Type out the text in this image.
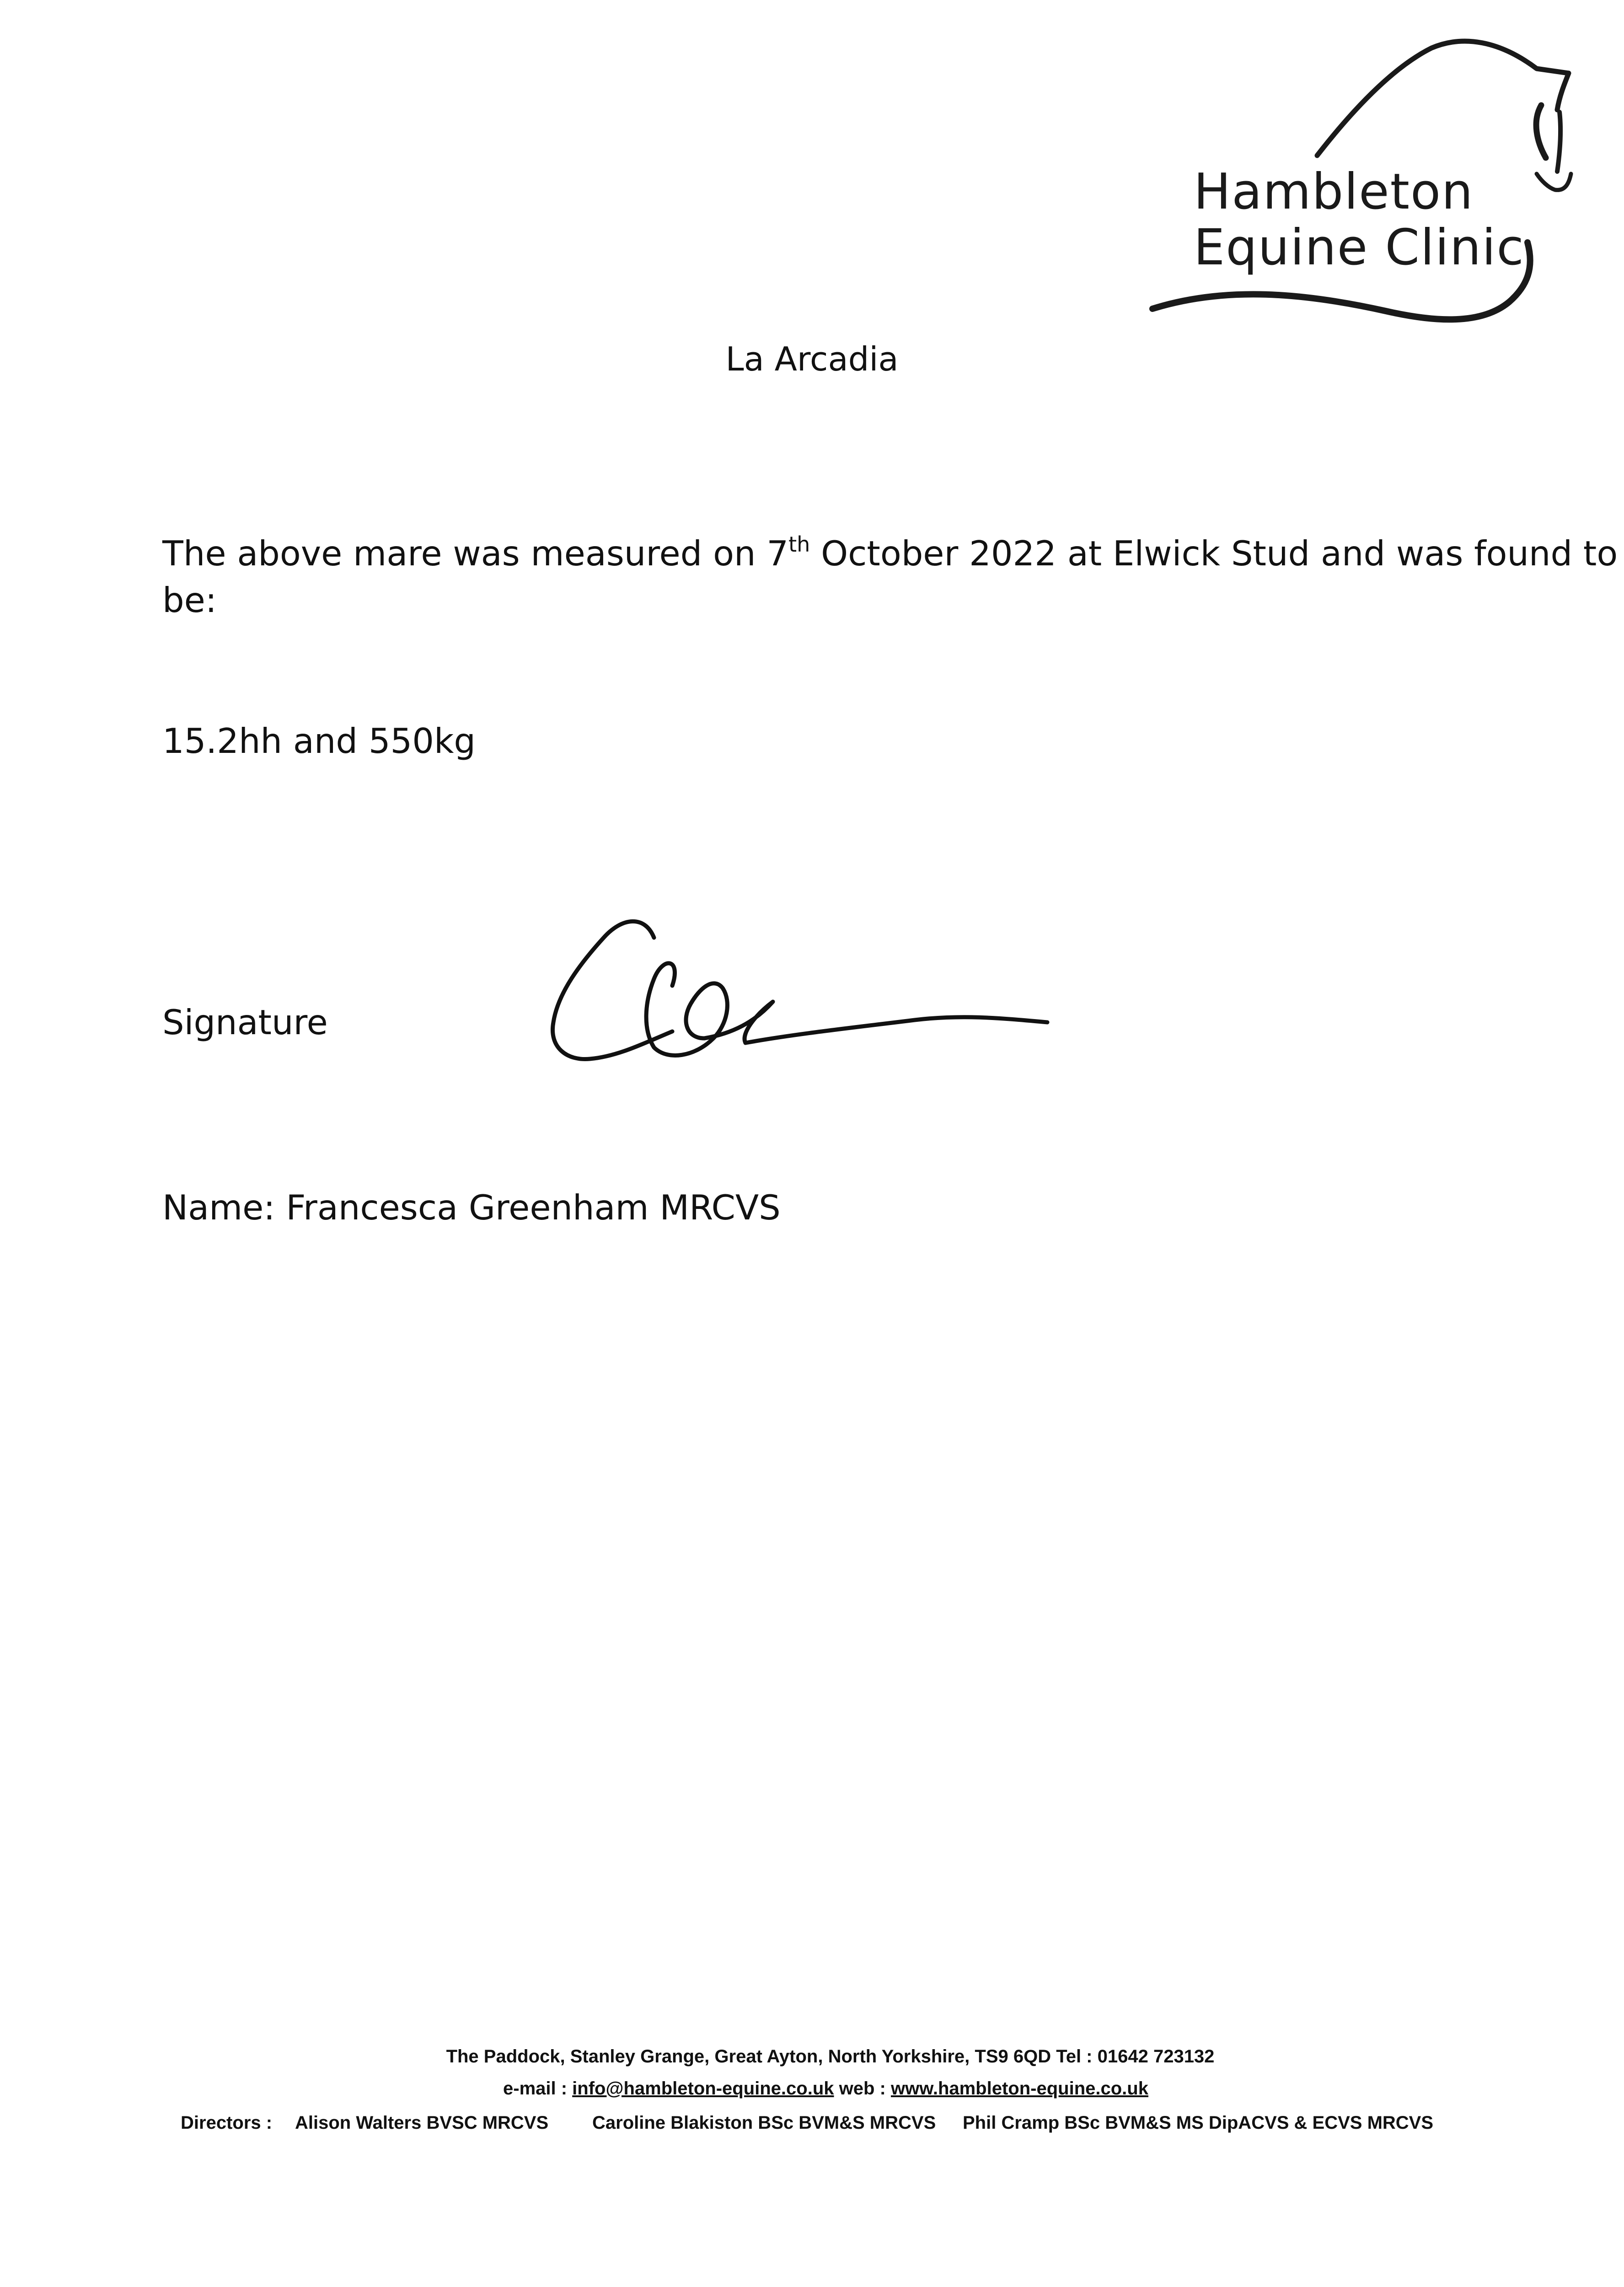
Hambleton
Equine Clinic
La Arcadia
The above mare was measured on 7th October 2022 at Elwick Stud and was found to
be:
15.2hh and 550kg
Signature
Name: Francesca Greenham MRCVS
The Paddock, Stanley Grange, Great Ayton, North Yorkshire, TS9 6QD Tel : 01642 723132
e-mail : info@hambleton-equine.co.uk web : www.hambleton-equine.co.uk
Directors : Alison Walters BVSC MRCVS Caroline Blakiston BSc BVM&S MRCVS Phil Cramp BSc BVM&S MS DipACVS & ECVS MRCVS
